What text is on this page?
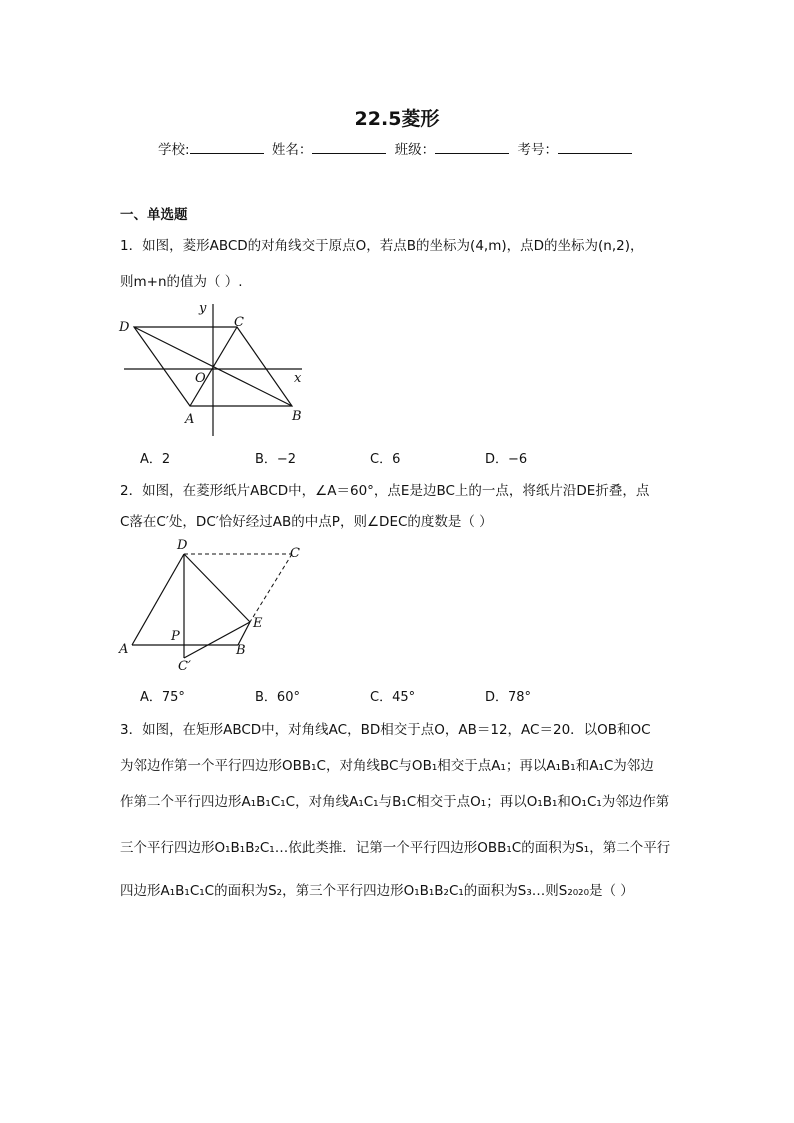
22.5菱形
学校:	姓名：	班级：	考号：
一、单选题
1．如图，菱形ABCD的对角线交于原点O，若点B的坐标为(4,m)，点D的坐标为(n,2)，
则m+n的值为（ ）.
D	C
y
O	x
A	B
A．2	B．−2	C．6	D．−6
2．如图，在菱形纸片ABCD中，∠A＝60°，点E是边BC上的一点，将纸片沿DE折叠，点
C落在C′处，DC′恰好经过AB的中点P，则∠DEC的度数是（ ）
D
C
P
E
A	B
C′
A．75°	B．60°	C．45°	D．78°
3．如图，在矩形ABCD中，对角线AC，BD相交于点O，AB＝12，AC＝20．以OB和OC
为邻边作第一个平行四边形OBB₁C，对角线BC与OB₁相交于点A₁；再以A₁B₁和A₁C为邻边
作第二个平行四边形A₁B₁C₁C，对角线A₁C₁与B₁C相交于点O₁；再以O₁B₁和O₁C₁为邻边作第
三个平行四边形O₁B₁B₂C₁…依此类推．记第一个平行四边形OBB₁C的面积为S₁，第二个平行
四边形A₁B₁C₁C的面积为S₂，第三个平行四边形O₁B₁B₂C₁的面积为S₃…则S₂₀₂₀是（ ）
